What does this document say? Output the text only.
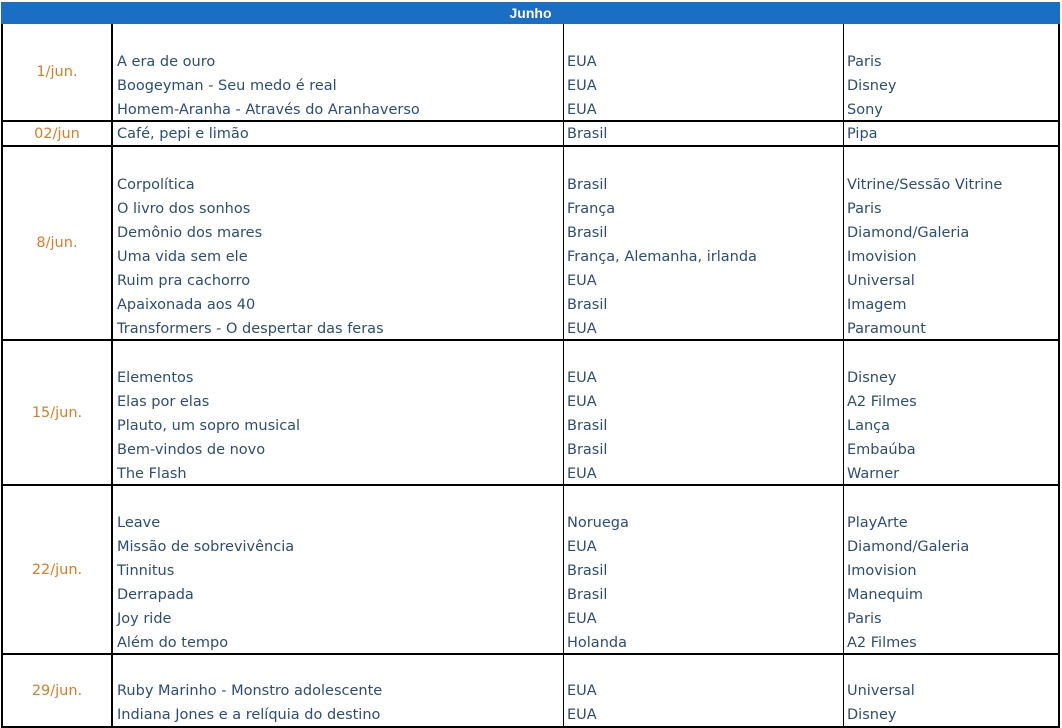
Junho
1/jun.
A era de ouro	EUA	Paris
Boogeyman - Seu medo é real	EUA	Disney
Homem-Aranha - Através do Aranhaverso	EUA	Sony
02/jun	Café, pepi e limão	Brasil	Pipa
8/jun.
Corpolítica	Brasil	Vitrine/Sessão Vitrine
O livro dos sonhos	França	Paris
Demônio dos mares	Brasil	Diamond/Galeria
Uma vida sem ele	França, Alemanha, irlanda	Imovision
Ruim pra cachorro	EUA	Universal
Apaixonada aos 40	Brasil	Imagem
Transformers - O despertar das feras	EUA	Paramount
15/jun.
Elementos	EUA	Disney
Elas por elas	EUA	A2 Filmes
Plauto, um sopro musical	Brasil	Lança
Bem-vindos de novo	Brasil	Embaúba
The Flash	EUA	Warner
22/jun.
Leave	Noruega	PlayArte
Missão de sobrevivência	EUA	Diamond/Galeria
Tinnitus	Brasil	Imovision
Derrapada	Brasil	Manequim
Joy ride	EUA	Paris
Além do tempo	Holanda	A2 Filmes
29/jun.	Ruby Marinho - Monstro adolescente	EUA	Universal
Indiana Jones e a relíquia do destino	EUA	Disney
